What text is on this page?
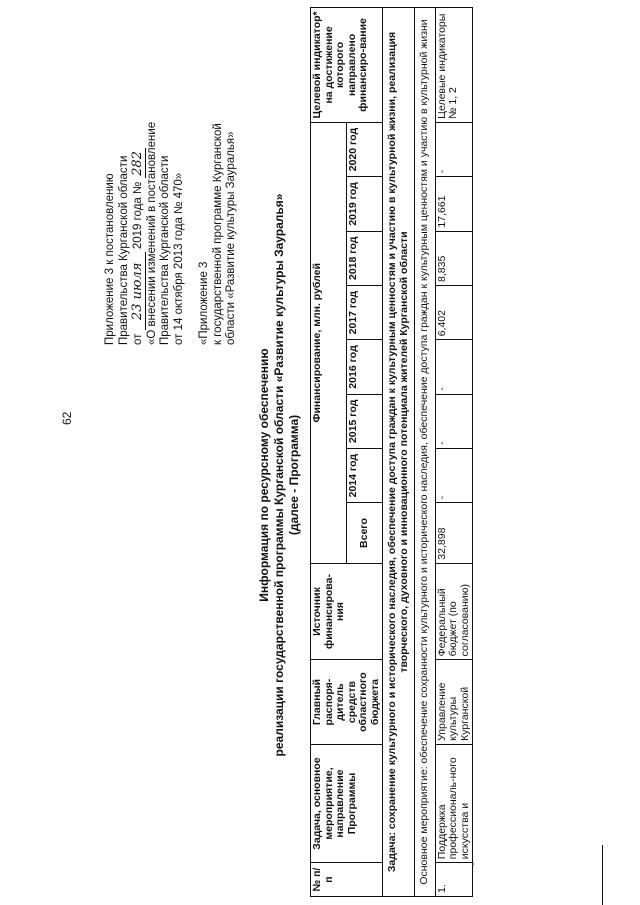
62
Приложение 3 к постановлению Правительства Курганской области от 23 июля 2019 года № 282 «О внесении изменений в постановление Правительства Курганской области от 14 октября 2013 года № 470» «Приложение 3 к государственной программе Курганской области «Развитие культуры Зауралья»
Информация по ресурсному обеспечению реализации государственной программы Курганской области «Развитие культуры Зауралья» (далее - Программа)
№ п/п	Задача, основное мероприятие, направление Программы	Главный распоря-дитель средств областного бюджета	Источник финансирова-ния	Финансирование, млн. рублей								Целевой индикатор* на достижение которого направлено финансиро-вание
				Всего	2014 год	2015 год	2016 год	2017 год	2018 год	2019 год	2020 год	
Задача: сохранение культурного и исторического наследия, обеспечение доступа граждан к культурным ценностям и участию в культурной жизни, реализация творческого, духовного и инновационного потенциала жителей Курганской области												
Основное мероприятие: обеспечение сохранности культурного и исторического наследия, обеспечение доступа граждан к культурным ценностям и участию в культурной жизни												
1.	Поддержка профессиональ-ного искусства и	Управление культуры Курганской	Федеральный бюджет (по согласованию)	32,898	-	-	-	6,402	8,835	17,661	-	Целевые индикаторы № 1, 2
